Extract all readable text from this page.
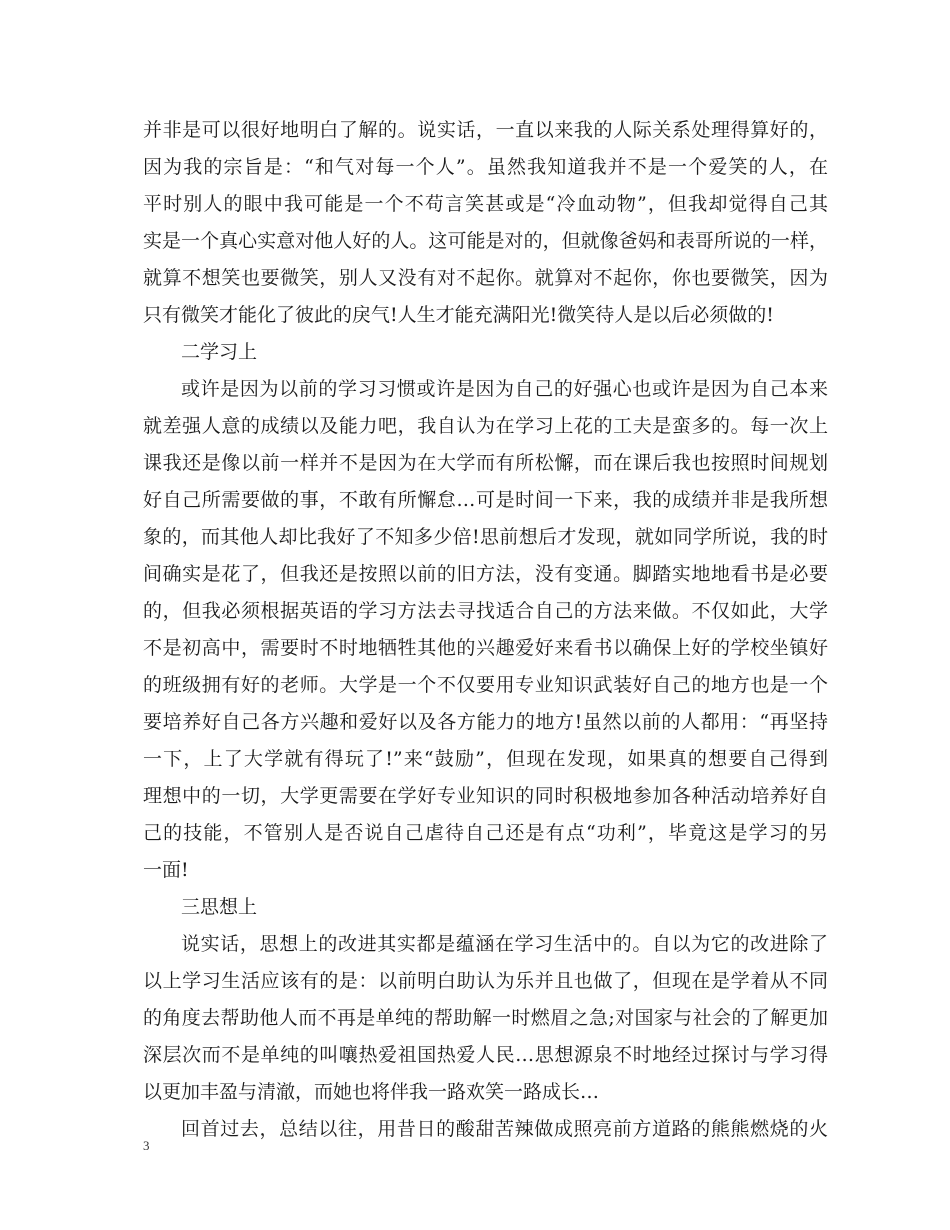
并非是可以很好地明白了解的。说实话，一直以来我的人际关系处理得算好的，
因为我的宗旨是：“和气对每一个人”。虽然我知道我并不是一个爱笑的人，在
平时别人的眼中我可能是一个不苟言笑甚或是“冷血动物”，但我却觉得自己其
实是一个真心实意对他人好的人。这可能是对的，但就像爸妈和表哥所说的一样，
就算不想笑也要微笑，别人又没有对不起你。就算对不起你，你也要微笑，因为
只有微笑才能化了彼此的戾气!人生才能充满阳光!微笑待人是以后必须做的!
二学习上
或许是因为以前的学习习惯或许是因为自己的好强心也或许是因为自己本来
就差强人意的成绩以及能力吧，我自认为在学习上花的工夫是蛮多的。每一次上
课我还是像以前一样并不是因为在大学而有所松懈，而在课后我也按照时间规划
好自己所需要做的事，不敢有所懈怠…可是时间一下来，我的成绩并非是我所想
象的，而其他人却比我好了不知多少倍!思前想后才发现，就如同学所说，我的时
间确实是花了，但我还是按照以前的旧方法，没有变通。脚踏实地地看书是必要
的，但我必须根据英语的学习方法去寻找适合自己的方法来做。不仅如此，大学
不是初高中，需要时不时地牺牲其他的兴趣爱好来看书以确保上好的学校坐镇好
的班级拥有好的老师。大学是一个不仅要用专业知识武装好自己的地方也是一个
要培养好自己各方兴趣和爱好以及各方能力的地方!虽然以前的人都用：“再坚持
一下，上了大学就有得玩了!”来“鼓励”，但现在发现，如果真的想要自己得到
理想中的一切，大学更需要在学好专业知识的同时积极地参加各种活动培养好自
己的技能，不管别人是否说自己虐待自己还是有点“功利”，毕竟这是学习的另
一面!
三思想上
说实话，思想上的改进其实都是蕴涵在学习生活中的。自以为它的改进除了
以上学习生活应该有的是：以前明白助认为乐并且也做了，但现在是学着从不同
的角度去帮助他人而不再是单纯的帮助解一时燃眉之急;对国家与社会的了解更加
深层次而不是单纯的叫嚷热爱祖国热爱人民…思想源泉不时地经过探讨与学习得
以更加丰盈与清澈，而她也将伴我一路欢笑一路成长…
回首过去，总结以往，用昔日的酸甜苦辣做成照亮前方道路的熊熊燃烧的火
3
